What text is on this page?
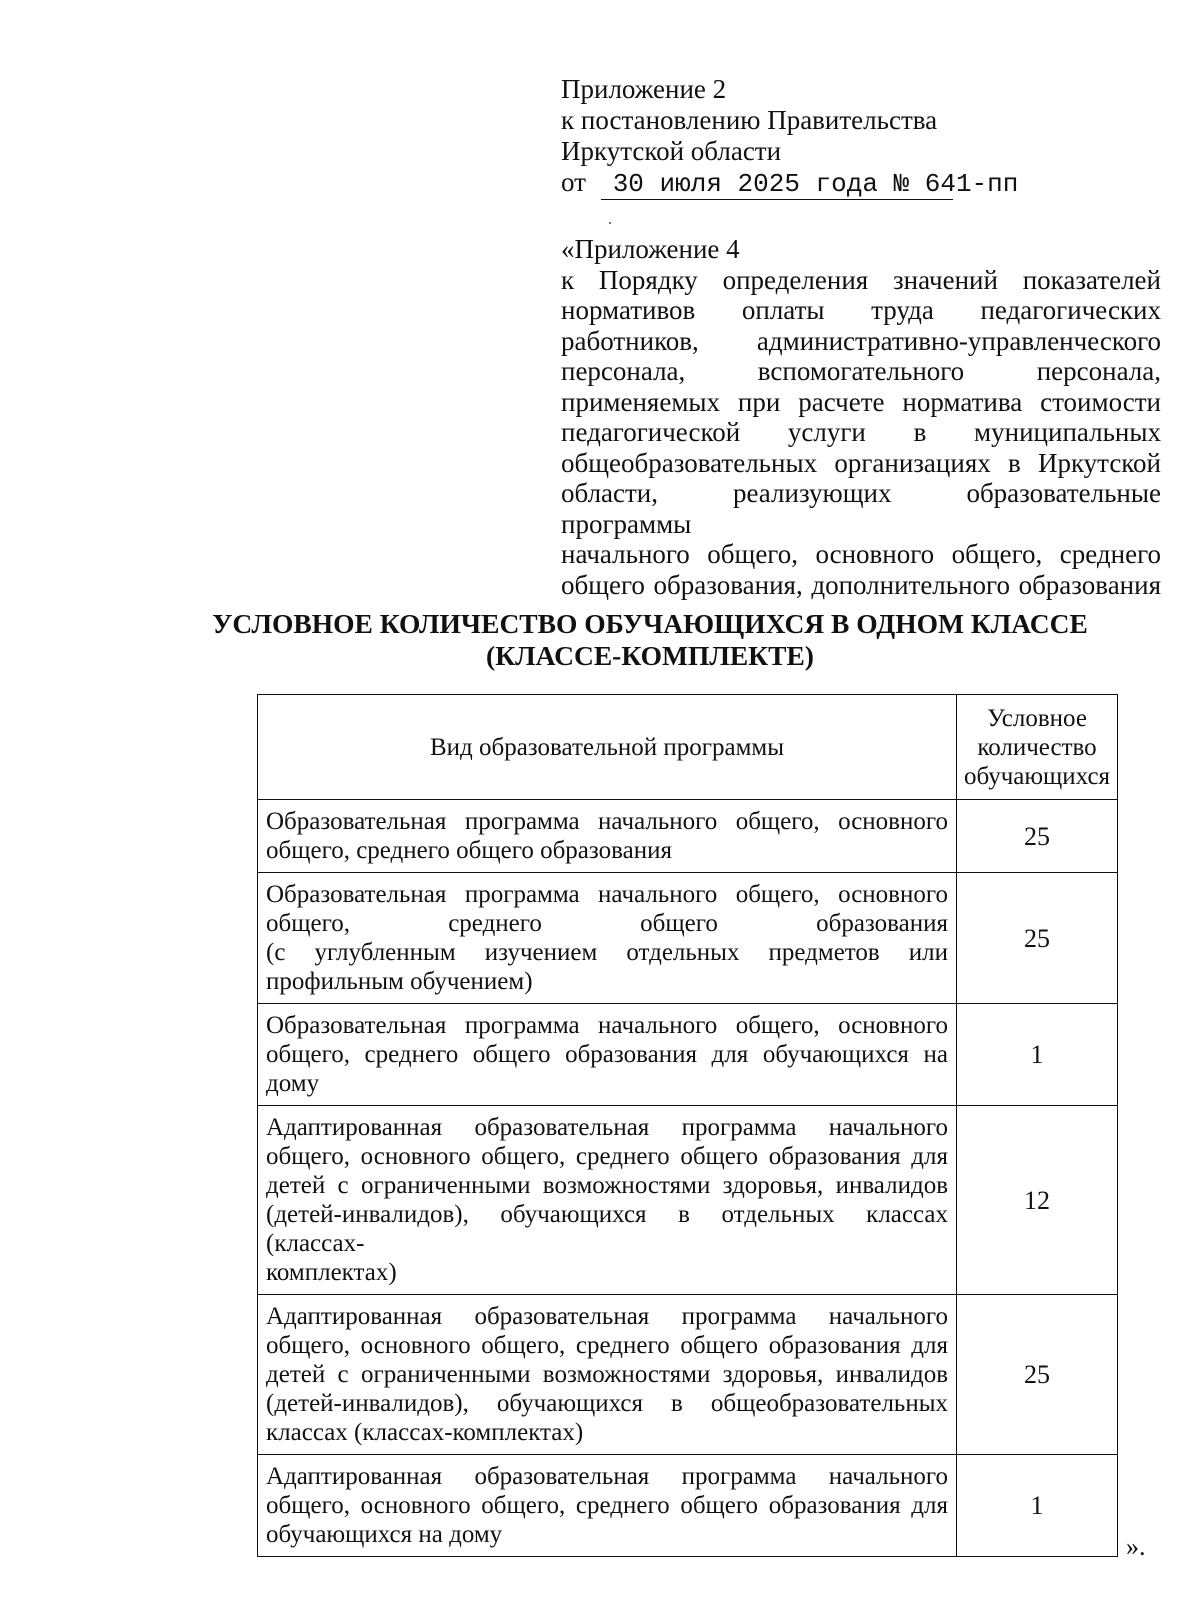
Приложение 2
к постановлению Правительства
Иркутской области
от 30 июля 2025 года № 641-пп
«Приложение 4
к Порядку определения значений показателей
нормативов оплаты труда педагогических
работников, административно-управленческого
персонала, вспомогательного персонала,
применяемых при расчете норматива стоимости
педагогической услуги в муниципальных
общеобразовательных организациях в Иркутской
области, реализующих образовательные программы
начального общего, основного общего, среднего
общего образования, дополнительного образования
УСЛОВНОЕ КОЛИЧЕСТВО ОБУЧАЮЩИХСЯ В ОДНОМ КЛАССЕ
(КЛАССЕ-КОМПЛЕКТЕ)
Вид образовательной программы	Условное
количество
обучающихся

Образовательная программа начального общего, основного
общего, среднего общего образования	25

Образовательная программа начального общего, основного
общего, среднего общего образования
(с углубленным изучением отдельных предметов или
профильным обучением)	25

Образовательная программа начального общего, основного
общего, среднего общего образования для обучающихся на
дому	1

Адаптированная образовательная программа начального
общего, основного общего, среднего общего образования для
детей с ограниченными возможностями здоровья, инвалидов
(детей-инвалидов), обучающихся в отдельных классах (классах-
комплектах)	12

Адаптированная образовательная программа начального
общего, основного общего, среднего общего образования для
детей с ограниченными возможностями здоровья, инвалидов
(детей-инвалидов), обучающихся в общеобразовательных
классах (классах-комплектах)	25

Адаптированная образовательная программа начального
общего, основного общего, среднего общего образования для
обучающихся на дому	1
».
